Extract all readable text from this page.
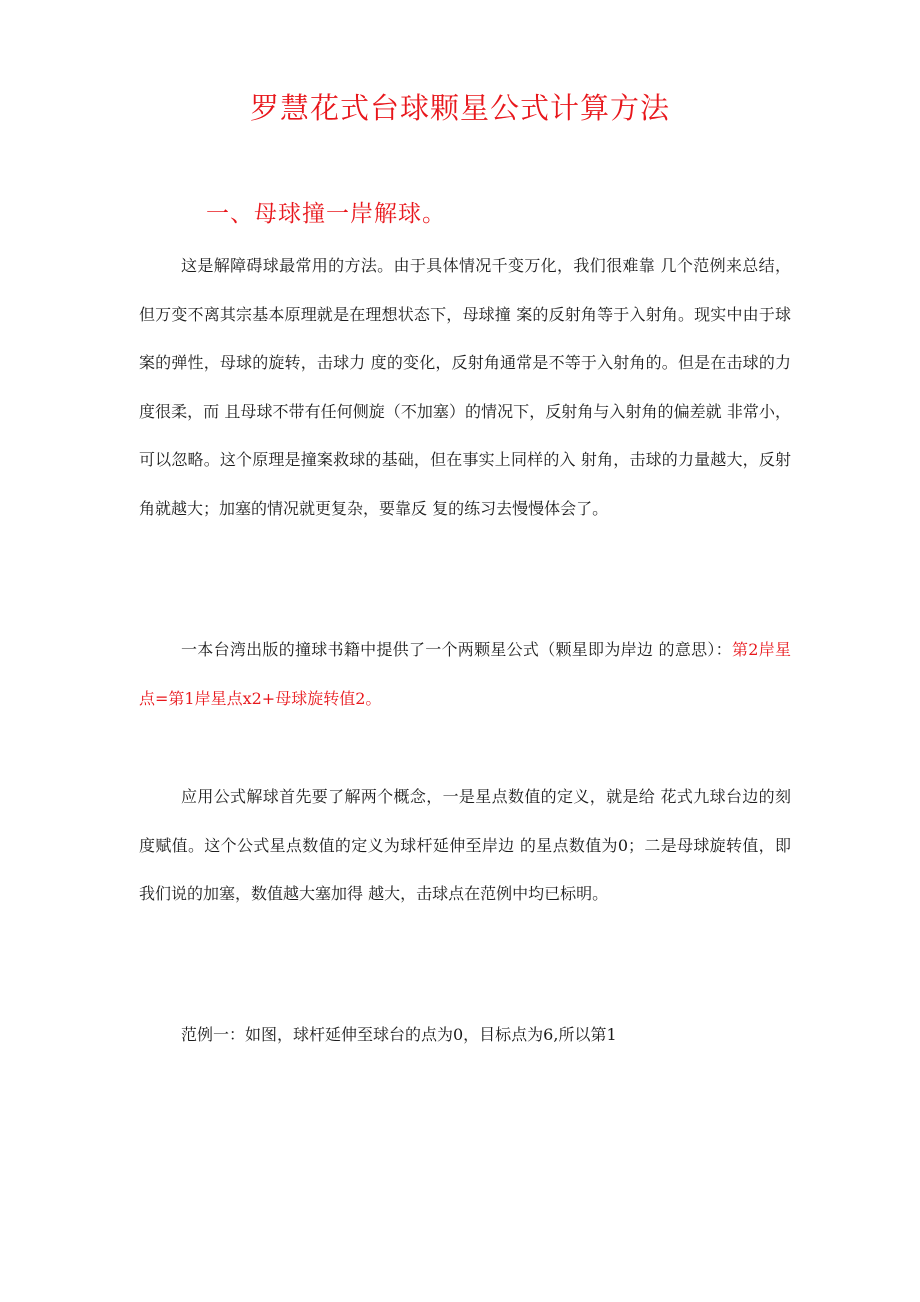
罗慧花式台球颗星公式计算方法
一、母球撞一岸解球。

这是解障碍球最常用的方法。由于具体情况千变万化，我们很难靠 几个范例来总结，但万变不离其宗基本原理就是在理想状态下，母球撞 案的反射角等于入射角。现实中由于球案的弹性，母球的旋转，击球力 度的变化，反射角通常是不等于入射角的。但是在击球的力度很柔，而 且母球不带有任何侧旋（不加塞）的情况下，反射角与入射角的偏差就 非常小，可以忽略。这个原理是撞案救球的基础，但在事实上同样的入 射角，击球的力量越大，反射角就越大；加塞的情况就更复杂，要靠反 复的练习去慢慢体会了。

一本台湾出版的撞球书籍中提供了一个两颗星公式（颗星即为岸边 的意思）：第2岸星点=第1岸星点x2+母球旋转值2。

应用公式解球首先要了解两个概念，一是星点数值的定义，就是给 花式九球台边的刻度赋值。这个公式星点数值的定义为球杆延伸至岸边 的星点数值为0；二是母球旋转值，即我们说的加塞，数值越大塞加得 越大，击球点在范例中均已标明。

范例一：如图，球杆延伸至球台的点为0，目标点为6,所以第1
